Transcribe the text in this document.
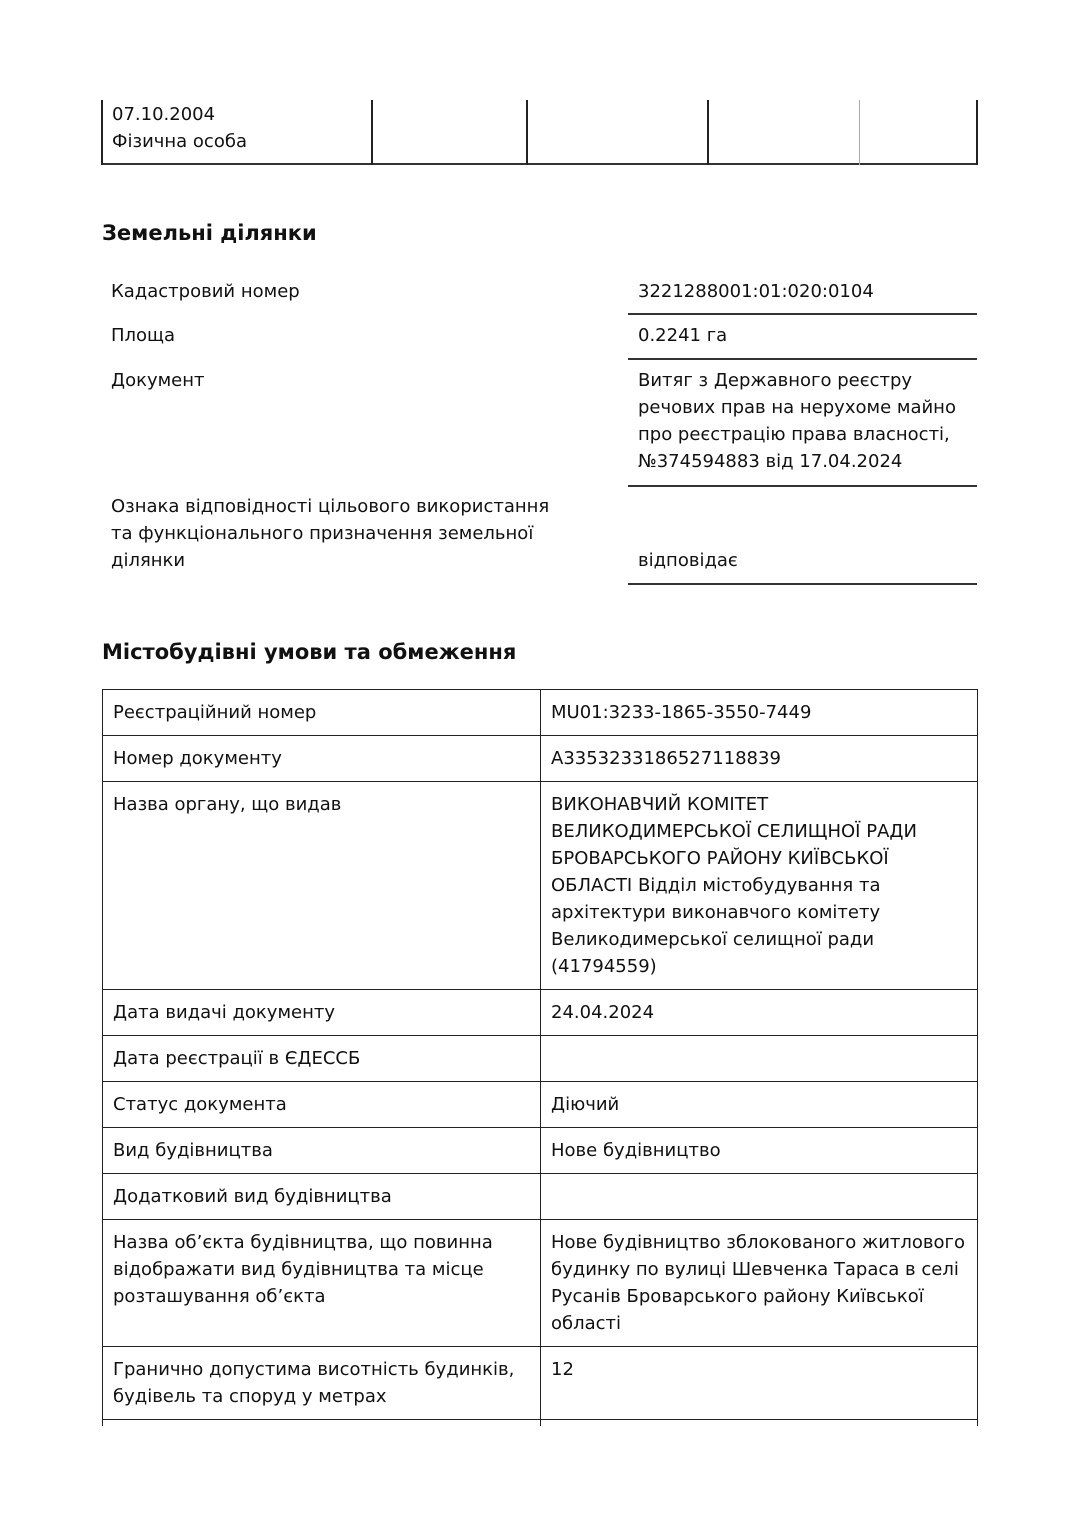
07.10.2004
Фізична особа
Земельні ділянки
Кадастровий номер	3221288001:01:020:0104
Площа	0.2241 га
Документ	Витяг з Державного реєстру речових прав на нерухоме майно про реєстрацію права власності, №374594883 від 17.04.2024
Ознака відповідності цільового використання та функціонального призначення земельної ділянки	відповідає
Містобудівні умови та обмеження
Реєстраційний номер	MU01:3233-1865-3550-7449
Номер документу	А3353233186527118839
Назва органу, що видав	ВИКОНАВЧИЙ КОМІТЕТ ВЕЛИКОДИМЕРСЬКОЇ СЕЛИЩНОЇ РАДИ БРОВАРСЬКОГО РАЙОНУ КИЇВСЬКОЇ ОБЛАСТІ Відділ містобудування та архітектури виконавчого комітету Великодимерської селищної ради (41794559)
Дата видачі документу	24.04.2024
Дата реєстрації в ЄДЕССБ	
Статус документа	Діючий
Вид будівництва	Нове будівництво
Додатковий вид будівництва	
Назва об’єкта будівництва, що повинна відображати вид будівництва та місце розташування об’єкта	Нове будівництво зблокованого житлового будинку по вулиці Шевченка Тараса в селі Русанів Броварського району Київської області
Гранично допустима висотність будинків, будівель та споруд у метрах	12
